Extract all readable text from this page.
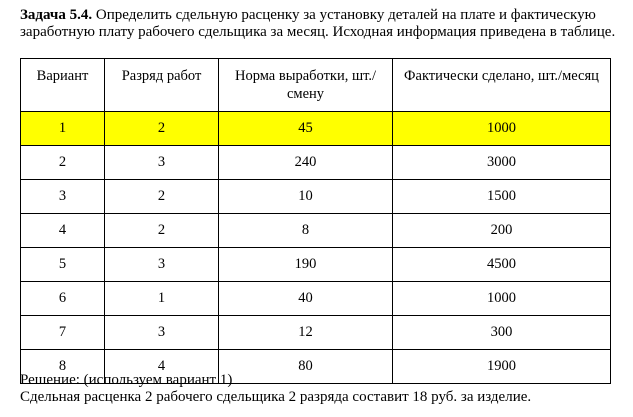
Задача 5.4. Определить сдельную расценку за установку деталей на плате и фактическую заработную плату рабочего сдельщика за месяц. Исходная информация приведена в таблице.

Вариант	Разряд работ	Норма выработки, шт./смену	Фактически сделано, шт./месяц
1	2	45	1000
2	3	240	3000
3	2	10	1500
4	2	8	200
5	3	190	4500
6	1	40	1000
7	3	12	300
8	4	80	1900
Решение: (используем вариант 1)
Сдельная расценка 2 рабочего сдельщика 2 разряда составит 18 руб. за изделие.
